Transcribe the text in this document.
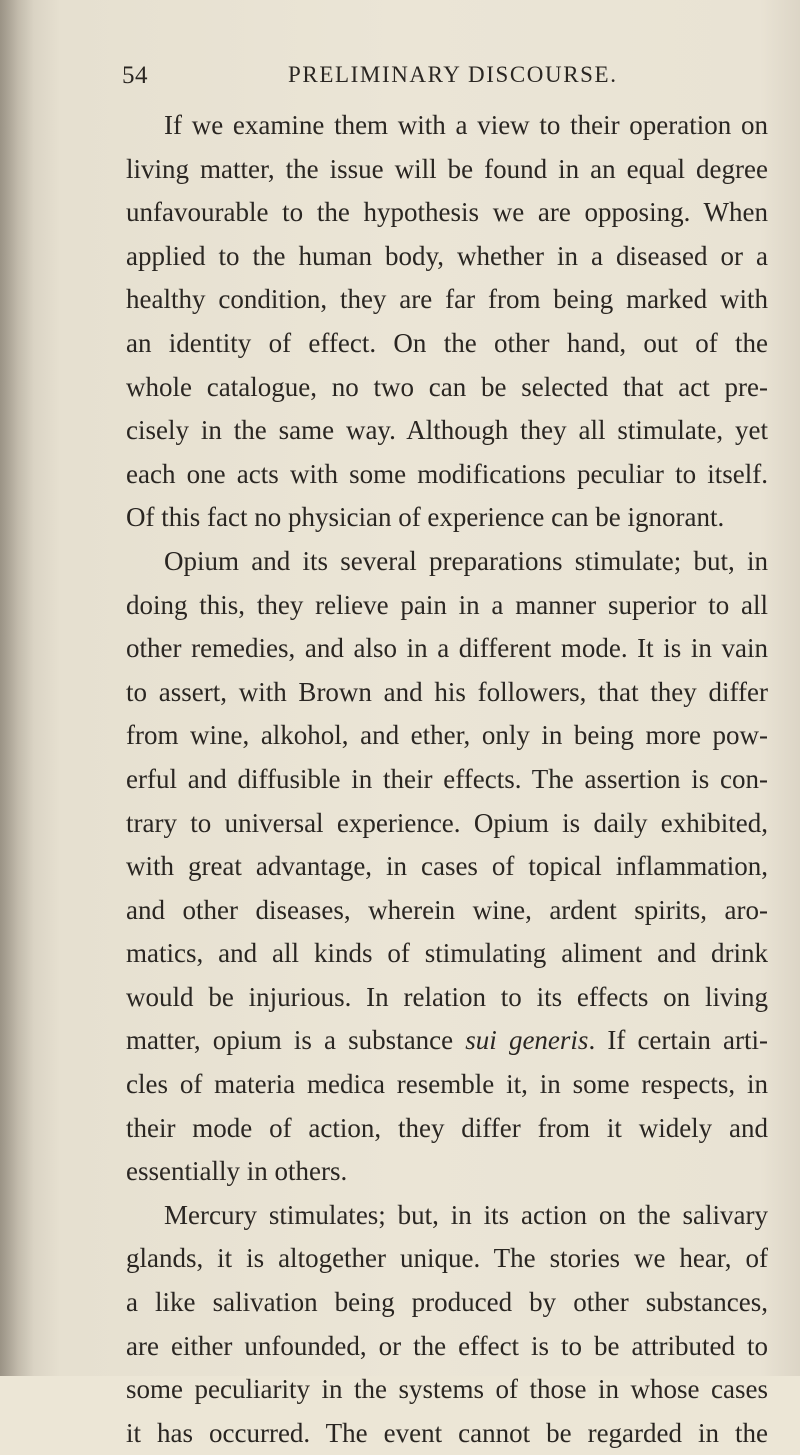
54	PRELIMINARY DISCOURSE.
If we examine them with a view to their operation on
living matter, the issue will be found in an equal degree
unfavourable to the hypothesis we are opposing. When
applied to the human body, whether in a diseased or a
healthy condition, they are far from being marked with
an identity of effect. On the other hand, out of the
whole catalogue, no two can be selected that act pre-
cisely in the same way. Although they all stimulate, yet
each one acts with some modifications peculiar to itself.
Of this fact no physician of experience can be ignorant.
Opium and its several preparations stimulate; but, in
doing this, they relieve pain in a manner superior to all
other remedies, and also in a different mode. It is in vain
to assert, with Brown and his followers, that they differ
from wine, alkohol, and ether, only in being more pow-
erful and diffusible in their effects. The assertion is con-
trary to universal experience. Opium is daily exhibited,
with great advantage, in cases of topical inflammation,
and other diseases, wherein wine, ardent spirits, aro-
matics, and all kinds of stimulating aliment and drink
would be injurious. In relation to its effects on living
matter, opium is a substance sui generis. If certain arti-
cles of materia medica resemble it, in some respects, in
their mode of action, they differ from it widely and
essentially in others.
Mercury stimulates; but, in its action on the salivary
glands, it is altogether unique. The stories we hear, of
a like salivation being produced by other substances,
are either unfounded, or the effect is to be attributed to
some peculiarity in the systems of those in whose cases
it has occurred. The event cannot be regarded in the
